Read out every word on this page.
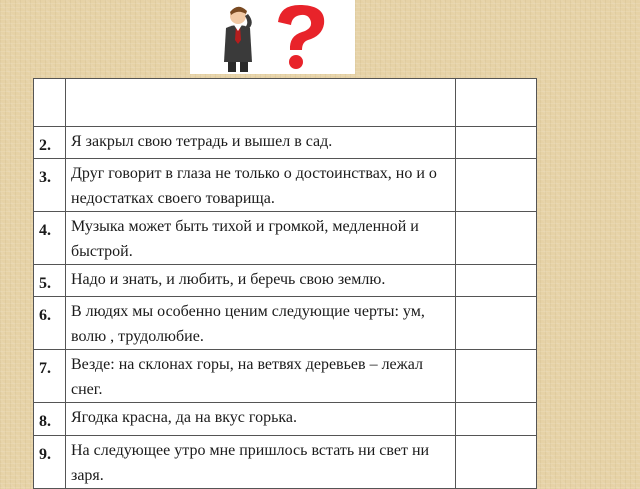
2.	Я закрыл свою тетрадь и вышел в сад.	
3.	Друг говорит в глаза не только о достоинствах, но и о недостатках своего товарища.	
4.	Музыка может быть тихой и громкой, медленной и быстрой.	
5.	Надо и знать, и любить, и беречь свою землю.	
6.	В людях мы особенно ценим следующие черты: ум, волю , трудолюбие.	
7.	Везде: на склонах горы, на ветвях деревьев – лежал снег.	
8.	Ягодка красна, да на вкус горька.	
9.	На следующее утро мне пришлось встать ни свет ни заря.	
